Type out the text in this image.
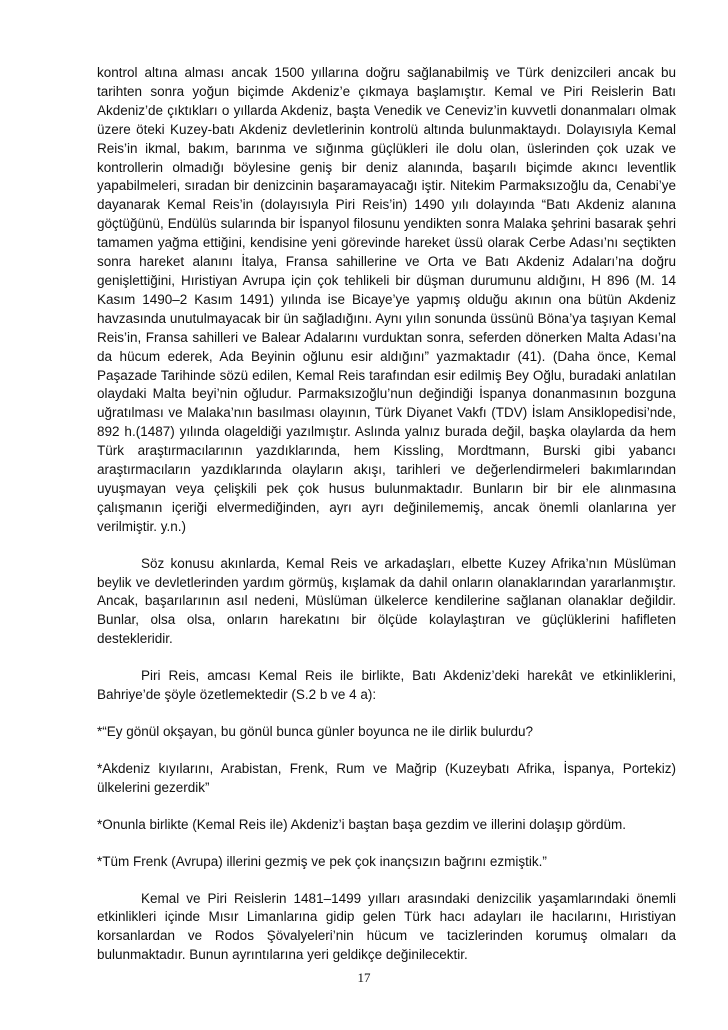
kontrol altına alması ancak 1500 yıllarına doğru sağlanabilmiş ve Türk denizcileri ancak bu tarihten sonra yoğun biçimde Akdeniz’e çıkmaya başlamıştır. Kemal ve Piri Reislerin Batı Akdeniz’de çıktıkları o yıllarda Akdeniz, başta Venedik ve Ceneviz’in kuvvetli donanmaları olmak üzere öteki Kuzey-batı Akdeniz devletlerinin kontrolü altında bulunmaktaydı. Dolayısıyla Kemal Reis’in ikmal, bakım, barınma ve sığınma güçlükleri ile dolu olan, üslerinden çok uzak ve kontrollerin olmadığı böylesine geniş bir deniz alanında, başarılı biçimde akıncı leventlik yapabilmeleri, sıradan bir denizcinin başaramayacağı iştir. Nitekim Parmaksızoğlu da, Cenabi’ye dayanarak Kemal Reis’in (dolayısıyla Piri Reis’in) 1490 yılı dolayında “Batı Akdeniz alanına göçtüğünü, Endülüs sularında bir İspanyol filosunu yendikten sonra Malaka şehrini basarak şehri tamamen yağma ettiğini, kendisine yeni görevinde hareket üssü olarak Cerbe Adası’nı seçtikten sonra hareket alanını İtalya, Fransa sahillerine ve Orta ve Batı Akdeniz Adaları’na doğru genişlettiğini, Hıristiyan Avrupa için çok tehlikeli bir düşman durumunu aldığını, H 896 (M. 14 Kasım 1490–2 Kasım 1491) yılında ise Bicaye’ye yapmış olduğu akının ona bütün Akdeniz havzasında unutulmayacak bir ün sağladığını. Aynı yılın sonunda üssünü Böna’ya taşıyan Kemal Reis’in, Fransa sahilleri ve Balear Adalarını vurduktan sonra, seferden dönerken Malta Adası’na da hücum ederek, Ada Beyinin oğlunu esir aldığını” yazmaktadır (41). (Daha önce, Kemal Paşazade Tarihinde sözü edilen, Kemal Reis tarafından esir edilmiş Bey Oğlu, buradaki anlatılan olaydaki Malta beyi’nin oğludur. Parmaksızoğlu’nun değindiği İspanya donanmasının bozguna uğratılması ve Malaka’nın basılması olayının, Türk Diyanet Vakfı (TDV) İslam Ansiklopedisi’nde, 892 h.(1487) yılında olageldiği yazılmıştır. Aslında yalnız burada değil, başka olaylarda da hem Türk araştırmacılarının yazdıklarında, hem Kissling, Mordtmann, Burski gibi yabancı araştırmacıların yazdıklarında olayların akışı, tarihleri ve değerlendirmeleri bakımlarından uyuşmayan veya çelişkili pek çok husus bulunmaktadır. Bunların bir bir ele alınmasına çalışmanın içeriği elvermediğinden, ayrı ayrı değinilememiş, ancak önemli olanlarına yer verilmiştir. y.n.)

Söz konusu akınlarda, Kemal Reis ve arkadaşları, elbette Kuzey Afrika’nın Müslüman beylik ve devletlerinden yardım görmüş, kışlamak da dahil onların olanaklarından yararlanmıştır. Ancak, başarılarının asıl nedeni, Müslüman ülkelerce kendilerine sağlanan olanaklar değildir. Bunlar, olsa olsa, onların harekatını bir ölçüde kolaylaştıran ve güçlüklerini hafifleten destekleridir.

Piri Reis, amcası Kemal Reis ile birlikte, Batı Akdeniz’deki harekât ve etkinliklerini, Bahriye’de şöyle özetlemektedir (S.2 b ve 4 a):

*“Ey gönül okşayan, bu gönül bunca günler boyunca ne ile dirlik bulurdu?

*Akdeniz kıyılarını, Arabistan, Frenk, Rum ve Mağrip (Kuzeybatı Afrika, İspanya, Portekiz) ülkelerini gezerdik”

*Onunla birlikte (Kemal Reis ile) Akdeniz’i baştan başa gezdim ve illerini dolaşıp gördüm.

*Tüm Frenk (Avrupa) illerini gezmiş ve pek çok inançsızın bağrını ezmiştik.”

Kemal ve Piri Reislerin 1481–1499 yılları arasındaki denizcilik yaşamlarındaki önemli etkinlikleri içinde Mısır Limanlarına gidip gelen Türk hacı adayları ile hacılarını, Hıristiyan korsanlardan ve Rodos Şövalyeleri’nin hücum ve tacizlerinden korumuş olmaları da bulunmaktadır. Bunun ayrıntılarına yeri geldikçe değinilecektir.

17
